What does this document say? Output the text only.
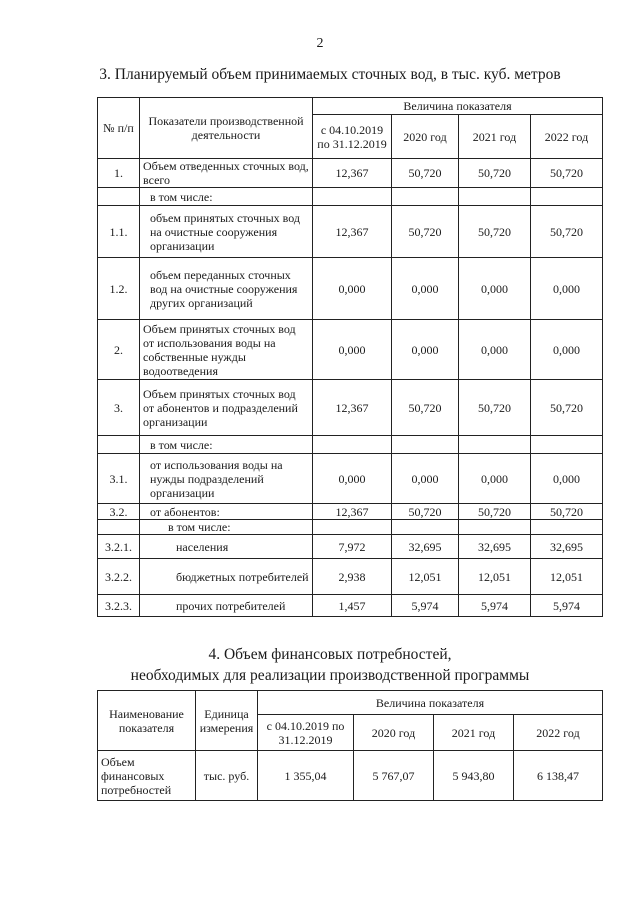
2
3. Планируемый объем принимаемых сточных вод, в тыс. куб. метров
№ п/п	Показатели производственной деятельности	Величина показателя			
		с 04.10.2019 по 31.12.2019	2020 год	2021 год	2022 год
1.	Объем отведенных сточных вод, всего	12,367	50,720	50,720	50,720
	в том числе:				
1.1.	объем принятых сточных вод на очистные сооружения организации	12,367	50,720	50,720	50,720
1.2.	объем переданных сточных вод на очистные сооружения других организаций	0,000	0,000	0,000	0,000
2.	Объем принятых сточных вод от использования воды на собственные нужды водоотведения	0,000	0,000	0,000	0,000
3.	Объем принятых сточных вод от абонентов и подразделений организации	12,367	50,720	50,720	50,720
	в том числе:				
3.1.	от использования воды на нужды подразделений организации	0,000	0,000	0,000	0,000
3.2.	от абонентов:	12,367	50,720	50,720	50,720
	в том числе:				
3.2.1.	населения	7,972	32,695	32,695	32,695
3.2.2.	бюджетных потребителей	2,938	12,051	12,051	12,051
3.2.3.	прочих потребителей	1,457	5,974	5,974	5,974
4. Объем финансовых потребностей,
необходимых для реализации производственной программы
Наименование показателя	Единица измерения	Величина показателя			
		с 04.10.2019 по 31.12.2019	2020 год	2021 год	2022 год
Объем финансовых потребностей	тыс. руб.	1 355,04	5 767,07	5 943,80	6 138,47
